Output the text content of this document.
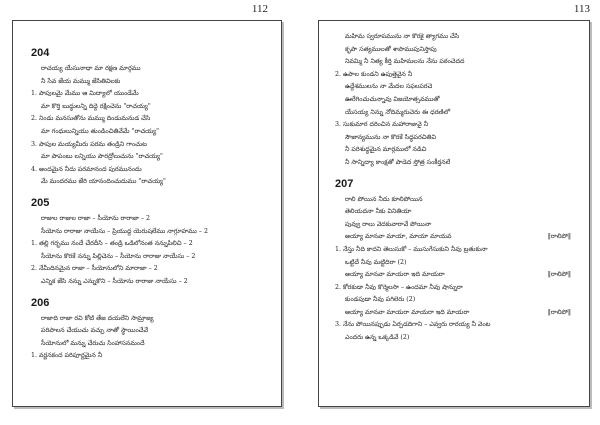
112
204
రాచయ్య యేసునాధా మా రక్షణ మార్గము
నీ సేవ జేయ మమ్ము జేసితివిలకు
1. పాపులమై మేము ఆ మిద్యాలో యుండేమే
మా కొర్తి బుద్ధులన్ని దిద్దె రక్షించెను "రాచయ్య"
2. నిండు మనసుతోను మమ్ము దిండుమనుడ చేసి
మా గంధులున్నియు తుండించితివేమే "రాచయ్య"
3. పాపుల మయ్యమీరు పరమ తండ్రిని గాంచుట
మా పాపంబు లన్నియు పారద్రోలుచును "రాచయ్య"
4. అందమైన నీదు పరమానంద పురమునందు
మే మందరము జేరి యానందించుదుము "రాచయ్య"
205
రాజుల రాజుల రాజా – సీయోను రారాజా – 2
సీయోను రారాజు నాయేసు – ప్రియుద్ద యెరుషలేము నాగ్గూహము – 2
1. తల్లి గర్భము నందే చేరదీసి – తండ్రి ఒడిలోనంత నన్నుపిలిచి – 2
సీయోను కొరకే నన్ను పిల్లిచెను – సీయోను రారాజు నాయేసు – 2
2. నేమీదినమైన రాజా – సీయోనులోని మారాజా – 2
ఎన్నిక జేసి నన్ను ఎన్నుకొని – సీయోను రారాజు నాయేసు – 2
206
రాజాది రాజా రవి కోటి తేజ దయలేని సామ్రాజ్య
పరిపాలన చేయుచు వచ్చు నాతో స్థాయించేవే
సీయోనులో మన్ను చేరుచు సింహాసనమందే
1. వర్ణనకంద పరిపూర్ణమైన నీ
113
మహిమ స్వరూపమును నా కొరకై త్యాగము చేసి
కృపా సత్యములతో శాపాముపునిస్తాపు
నివమ్మి నీ నిత్య కీర్తి మహిమలను నేను పఠంచెదద
2. ఉపాల కుండని ఉపుత్తెవైన నీ
ఉద్దేశములను నా మేదల సఫలపరచె
ఊరేగించుచున్నావు విజయోత్సవముతో
యేసయ్య నిన్ను నోదిమ్మరుచెరు ఈ ధరణిలో
3. సుకుమార దరించిన మహారాజువై నీ
సౌజాన్యమును నా కొరకే సిద్ధపరచితివి
నీ పరిశుద్ధమైన మార్గములో నడిచి
నీ సాన్నిద్యా కాంక్షతో పాడెద స్తోత్ర సంకీర్తనలే
207
రాలి పోయిన నీదు కూలిపోయిన
తెలియదనా నీకు వినితియా
పువ్వు రాలు వెదకువారావే పోయినా
అయ్యా మానవా మాయా, మాయా మాయవ	‖రాలిపో‖
1. నేస్తు నీది కాదని తెలుసుకో – ముసుగేసుకుని నీవు బ్రతుకునా
ఒట్టిదే నీవు మట్టిదిరా (2)
అయ్యా మానవా మాయరా ఇది మాయరా	‖రాలిపో‖
2. కోరకుడా నీవు కొర్మెలసా – ఉందమా నీవు షాన్నురా
కుండపుడా నీవు పగిలెరు (2)
అయ్యా మానవా మాయరా మాయరా ఇది మాయరా	‖రాలిపో‖
3. నేను పోయినప్పుడు ఏర్పడదిగాని – ఎవ్వరు రారయ్య నీ వెంట
ఎందరు ఉన్న ఒక్కడివే (2)
